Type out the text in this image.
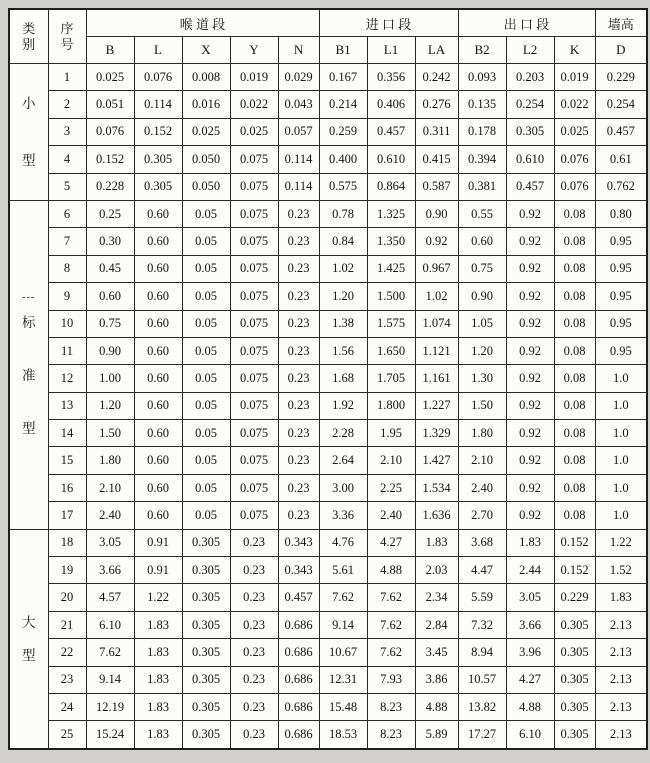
类
别

序
号
	喉 道 段	进 口 段	出 口 段	墙高
		B	L	X	Y	N	B1	L1	LA	B2	L2	K	D

小
型	1	0.025	0.076	0.008	0.019	0.029	0.167	0.356	0.242	0.093	0.203	0.019	0.229
	2	0.051	0.114	0.016	0.022	0.043	0.214	0.406	0.276	0.135	0.254	0.022	0.254
	3	0.076	0.152	0.025	0.025	0.057	0.259	0.457	0.311	0.178	0.305	0.025	0.457
	4	0.152	0.305	0.050	0.075	0.114	0.400	0.610	0.415	0.394	0.610	0.076	0.61
	5	0.228	0.305	0.050	0.075	0.114	0.575	0.864	0.587	0.381	0.457	0.076	0.762

---
标
准
型	6	0.25	0.60	0.05	0.075	0.23	0.78	1.325	0.90	0.55	0.92	0.08	0.80
	7	0.30	0.60	0.05	0.075	0.23	0.84	1.350	0.92	0.60	0.92	0.08	0.95
	8	0.45	0.60	0.05	0.075	0.23	1.02	1.425	0.967	0.75	0.92	0.08	0.95
	9	0.60	0.60	0.05	0.075	0.23	1.20	1.500	1.02	0.90	0.92	0.08	0.95
	10	0.75	0.60	0.05	0.075	0.23	1.38	1.575	1.074	1.05	0.92	0.08	0.95
	11	0.90	0.60	0.05	0.075	0.23	1.56	1.650	1.121	1.20	0.92	0.08	0.95
	12	1.00	0.60	0.05	0.075	0.23	1.68	1.705	1.161	1.30	0.92	0.08	1.0
	13	1.20	0.60	0.05	0.075	0.23	1.92	1.800	1.227	1.50	0.92	0.08	1.0
	14	1.50	0.60	0.05	0.075	0.23	2.28	1.95	1.329	1.80	0.92	0.08	1.0
	15	1.80	0.60	0.05	0.075	0.23	2.64	2.10	1.427	2.10	0.92	0.08	1.0
	16	2.10	0.60	0.05	0.075	0.23	3.00	2.25	1.534	2.40	0.92	0.08	1.0
	17	2.40	0.60	0.05	0.075	0.23	3.36	2.40	1.636	2.70	0.92	0.08	1.0

大
型	18	3.05	0.91	0.305	0.23	0.343	4.76	4.27	1.83	3.68	1.83	0.152	1.22
	19	3.66	0.91	0.305	0.23	0.343	5.61	4.88	2.03	4.47	2.44	0.152	1.52
	20	4.57	1.22	0.305	0.23	0.457	7.62	7.62	2.34	5.59	3.05	0.229	1.83
	21	6.10	1.83	0.305	0.23	0.686	9.14	7.62	2.84	7.32	3.66	0.305	2.13
	22	7.62	1.83	0.305	0.23	0.686	10.67	7.62	3.45	8.94	3.96	0.305	2.13
	23	9.14	1.83	0.305	0.23	0.686	12.31	7.93	3.86	10.57	4.27	0.305	2.13
	24	12.19	1.83	0.305	0.23	0.686	15.48	8.23	4.88	13.82	4.88	0.305	2.13
	25	15.24	1.83	0.305	0.23	0.686	18.53	8.23	5.89	17.27	6.10	0.305	2.13
